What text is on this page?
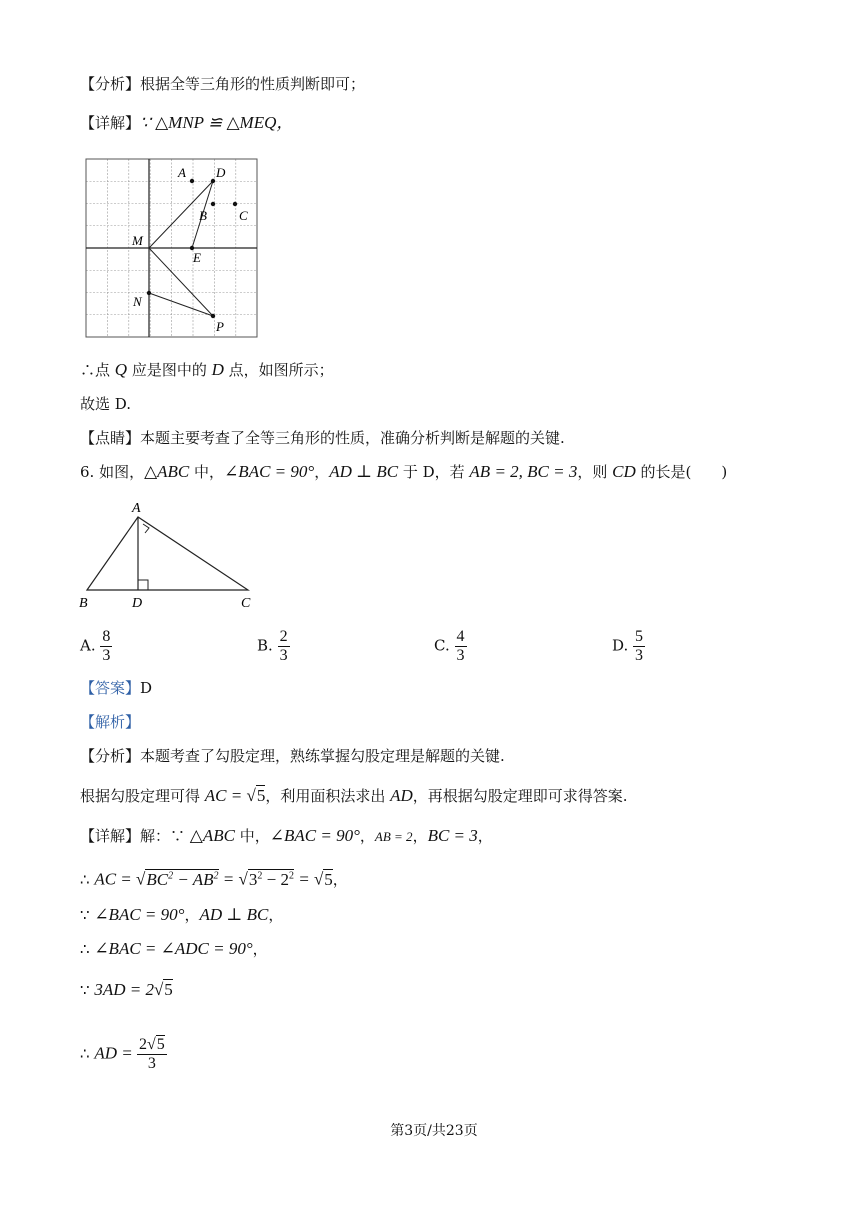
【分析】根据全等三角形的性质判断即可；
【详解】∵ △MNP ≌ △MEQ，
A D
B C
M
E
N
P
∴点 Q 应是图中的 D 点，如图所示；
故选 D.
【点睛】本题主要考查了全等三角形的性质，准确分析判断是解题的关键.
6. 如图，△ABC 中，∠BAC = 90°，AD ⊥ BC 于 D，若 AB = 2, BC = 3，则 CD 的长是(　　)
A
B	D	C
A. $\frac{8}{3}$	B. $\frac{2}{3}$	C. $\frac{4}{3}$	D. $\frac{5}{3}$
【答案】D
【解析】
【分析】本题考查了勾股定理，熟练掌握勾股定理是解题的关键.
根据勾股定理可得 AC = √5，利用面积法求出 AD，再根据勾股定理即可求得答案.
【详解】解：∵ △ABC 中，∠BAC = 90°，AB = 2，BC = 3，
∴ AC = $√BC^2 - AB^2 = √3^2 - 2^2 = √5$，
∵ ∠BAC = 90°，AD ⊥ BC，
∴ ∠BAC = ∠ADC = 90°，
∵ 3AD = 2√5
∴ AD = $\frac{2√5}{3}$
第3页/共23页
